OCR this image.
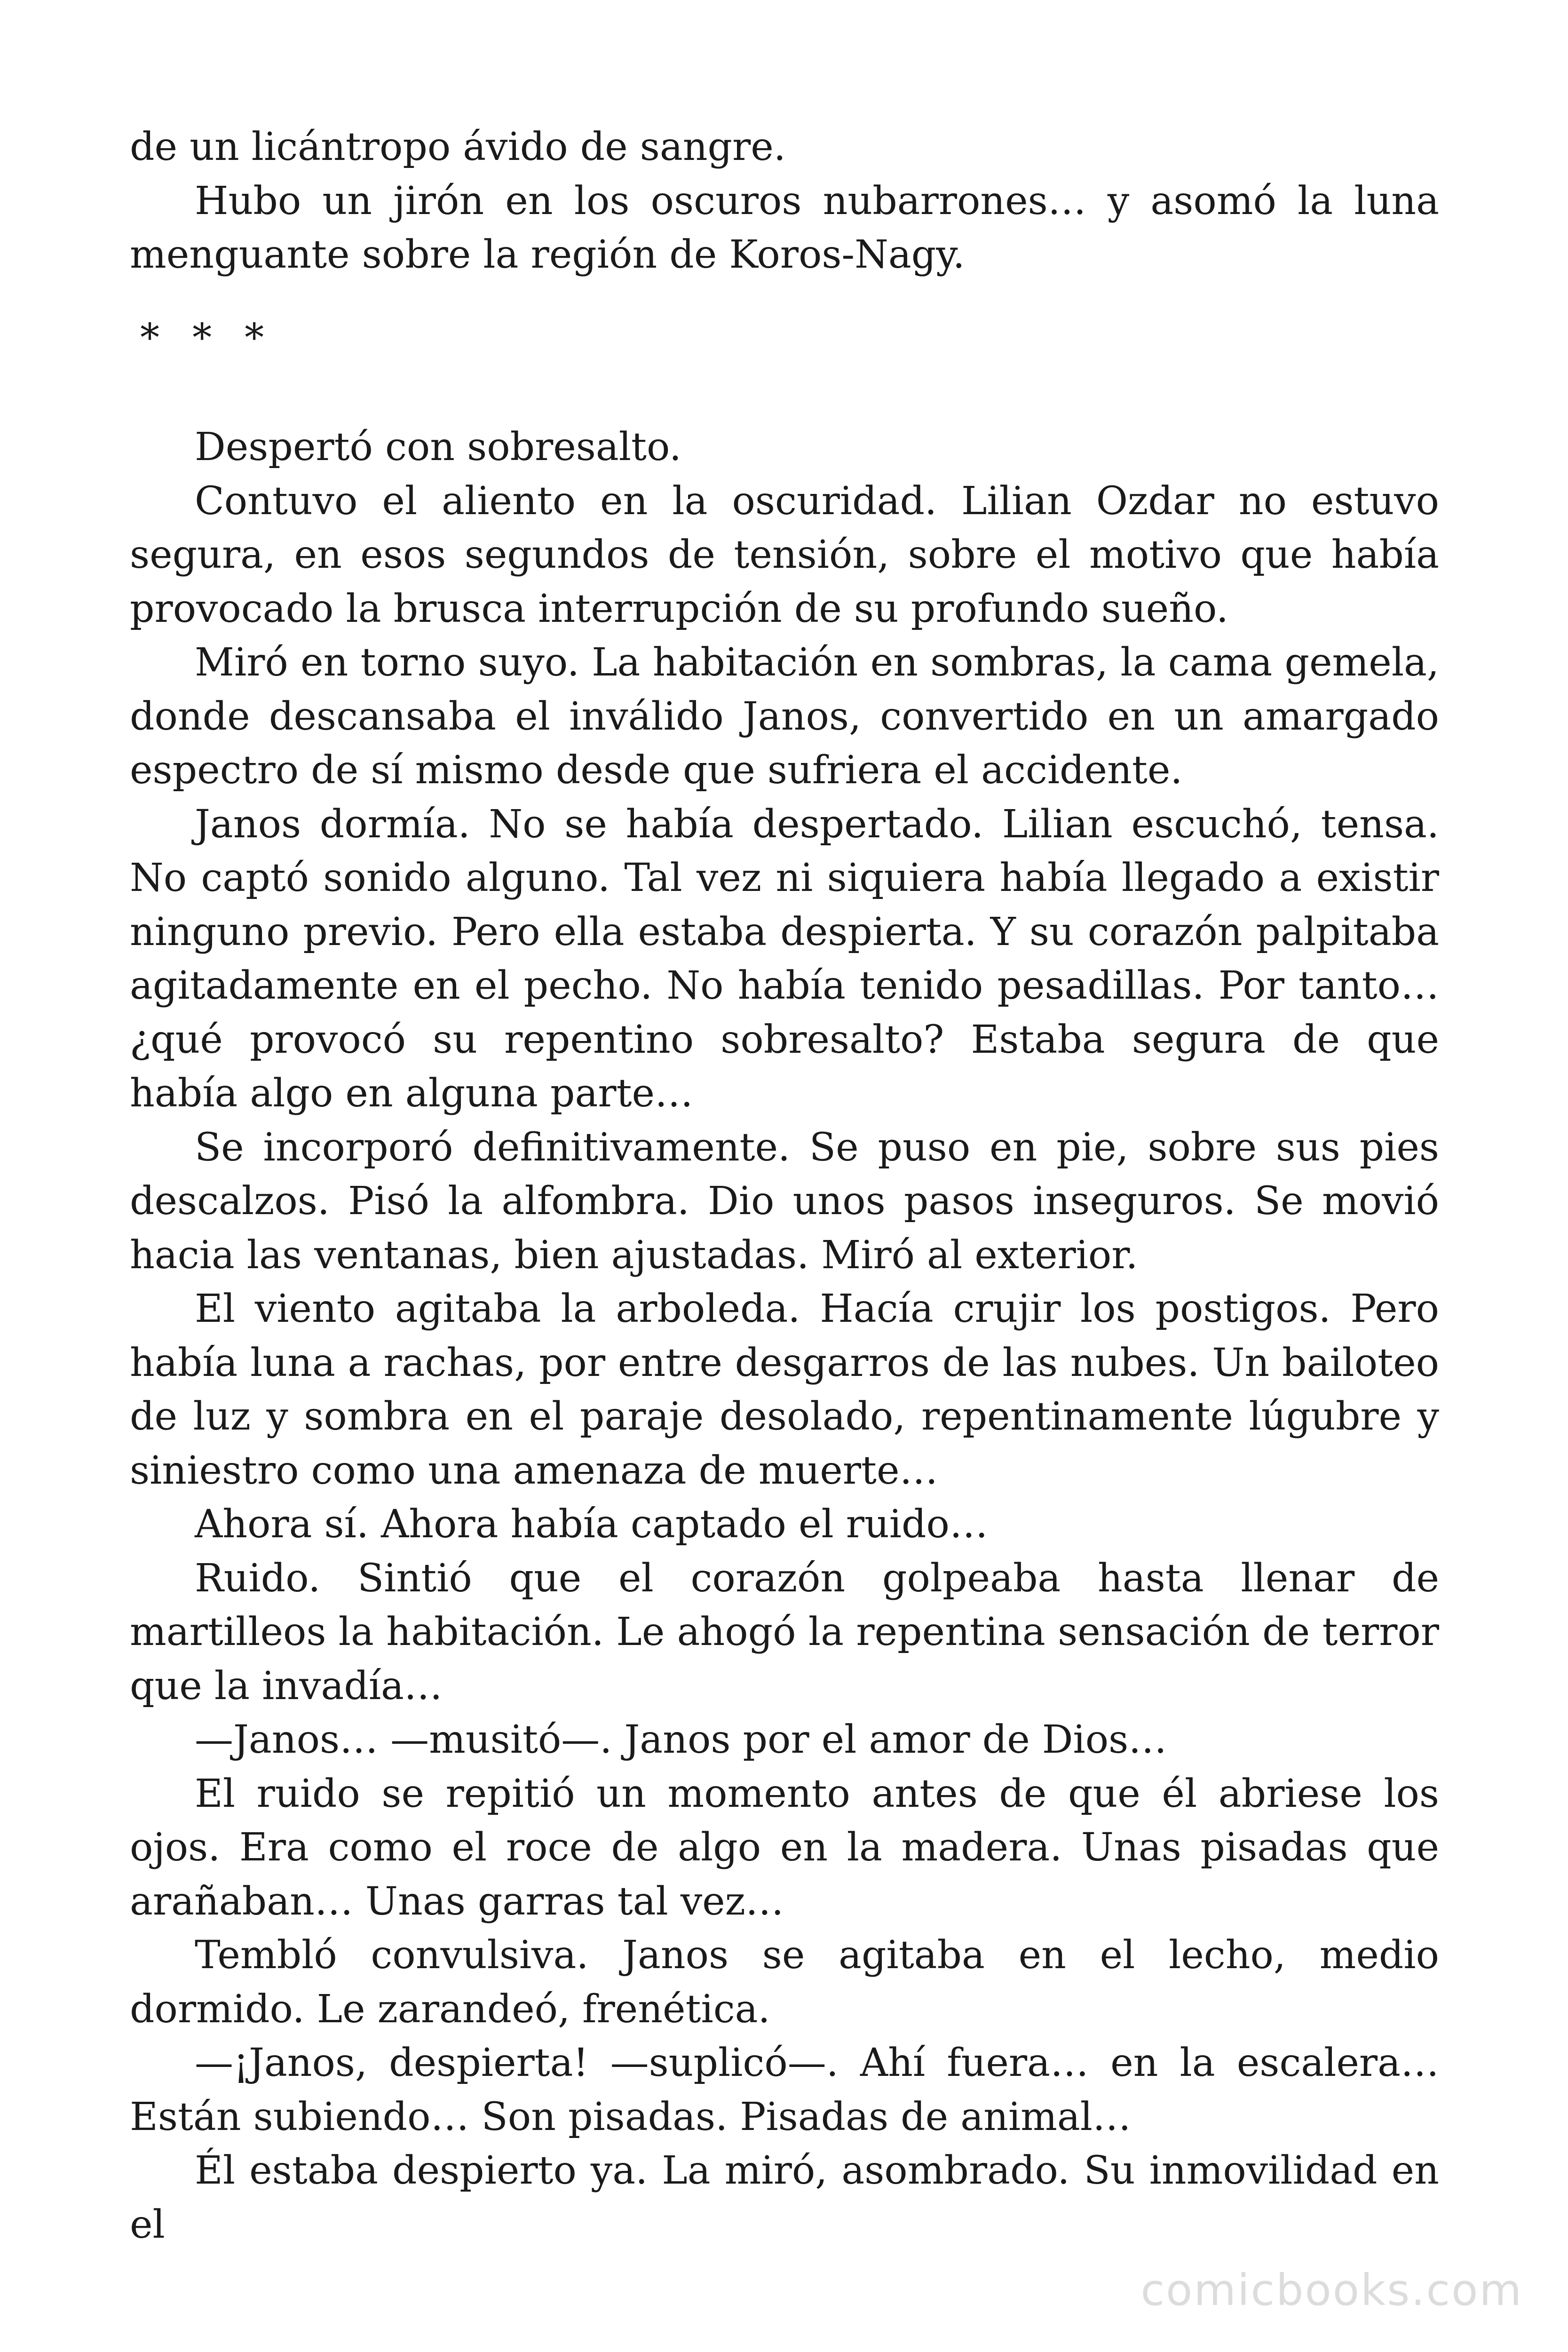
de un licántropo ávido de sangre.

Hubo un jirón en los oscuros nubarrones… y asomó la luna menguante sobre la región de Koros-Nagy.

* * *

Despertó con sobresalto.

Contuvo el aliento en la oscuridad. Lilian Ozdar no estuvo segura, en esos segundos de tensión, sobre el motivo que había provocado la brusca interrupción de su profundo sueño.

Miró en torno suyo. La habitación en sombras, la cama gemela, donde descansaba el inválido Janos, convertido en un amargado espectro de sí mismo desde que sufriera el accidente.

Janos dormía. No se había despertado. Lilian escuchó, tensa. No captó sonido alguno. Tal vez ni siquiera había llegado a existir ninguno previo. Pero ella estaba despierta. Y su corazón palpitaba agitadamente en el pecho. No había tenido pesadillas. Por tanto… ¿qué provocó su repentino sobresalto? Estaba segura de que había algo en alguna parte…

Se incorporó definitivamente. Se puso en pie, sobre sus pies descalzos. Pisó la alfombra. Dio unos pasos inseguros. Se movió hacia las ventanas, bien ajustadas. Miró al exterior.

El viento agitaba la arboleda. Hacía crujir los postigos. Pero había luna a rachas, por entre desgarros de las nubes. Un bailoteo de luz y sombra en el paraje desolado, repentinamente lúgubre y siniestro como una amenaza de muerte…

Ahora sí. Ahora había captado el ruido…

Ruido. Sintió que el corazón golpeaba hasta llenar de martilleos la habitación. Le ahogó la repentina sensación de terror que la invadía…

—Janos… —musitó—. Janos por el amor de Dios…

El ruido se repitió un momento antes de que él abriese los ojos. Era como el roce de algo en la madera. Unas pisadas que arañaban… Unas garras tal vez…

Tembló convulsiva. Janos se agitaba en el lecho, medio dormido. Le zarandeó, frenética.

—¡Janos, despierta! —suplicó—. Ahí fuera… en la escalera… Están subiendo… Son pisadas. Pisadas de animal…

Él estaba despierto ya. La miró, asombrado. Su inmovilidad en el

comicbooks.com
